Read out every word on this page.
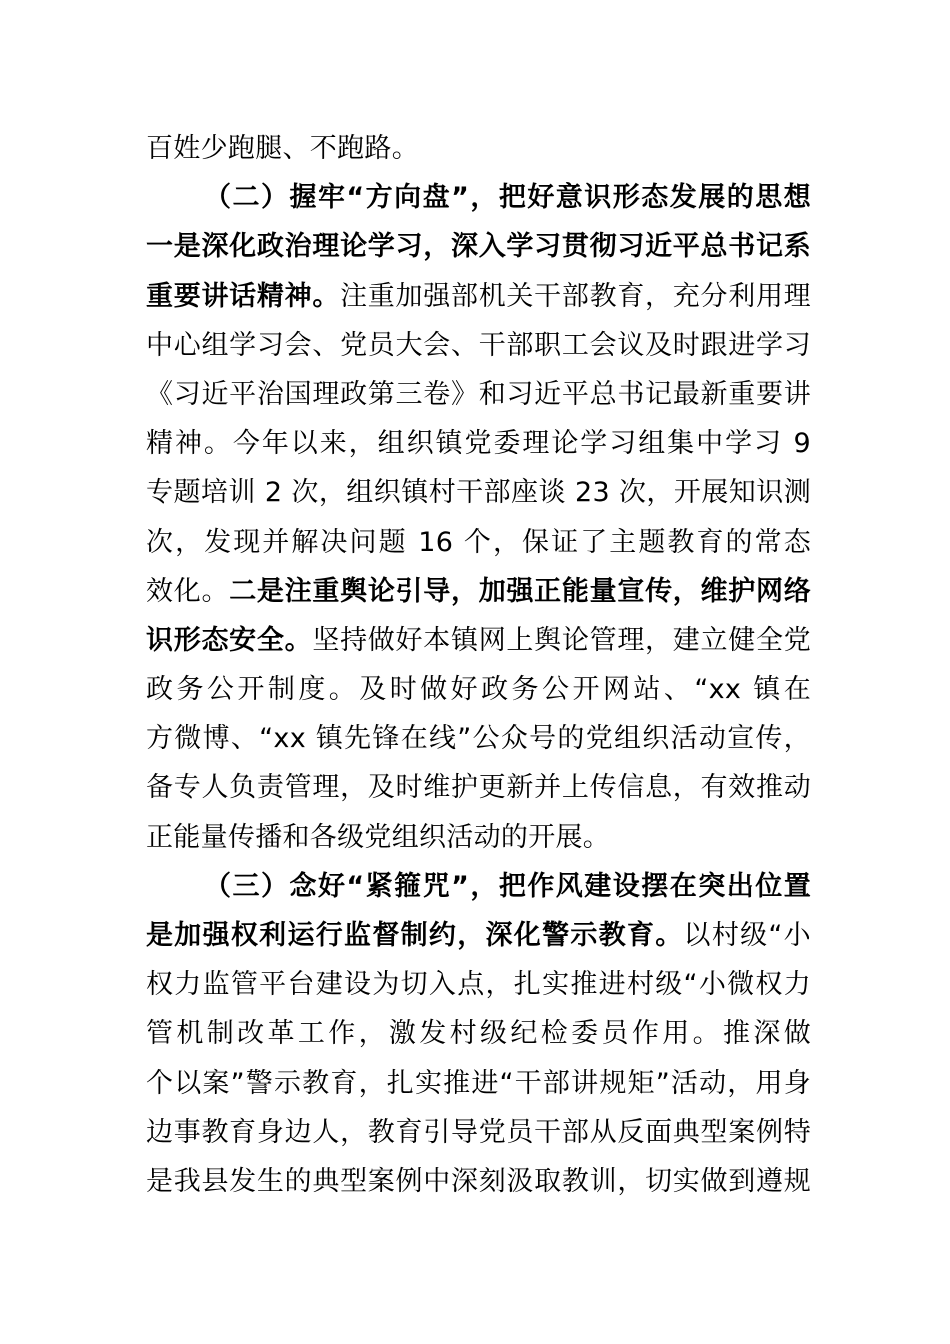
百姓少跑腿、不跑路。
（二）握牢“方向盘”，把好意识形态发展的思想
一是深化政治理论学习，深入学习贯彻习近平总书记系
重要讲话精神。注重加强部机关干部教育，充分利用理
中心组学习会、党员大会、干部职工会议及时跟进学习
《习近平治国理政第三卷》和习近平总书记最新重要讲
精神。今年以来，组织镇党委理论学习组集中学习 9
专题培训 2 次，组织镇村干部座谈 23 次，开展知识测
次，发现并解决问题 16 个，保证了主题教育的常态
效化。二是注重舆论引导，加强正能量宣传，维护网络
识形态安全。坚持做好本镇网上舆论管理，建立健全党
政务公开制度。及时做好政务公开网站、“xx 镇在
方微博、“xx 镇先锋在线”公众号的党组织活动宣传，
备专人负责管理，及时维护更新并上传信息，有效推动
正能量传播和各级党组织活动的开展。
（三）念好“紧箍咒”，把作风建设摆在突出位置
是加强权利运行监督制约，深化警示教育。以村级“小
权力监管平台建设为切入点，扎实推进村级“小微权力
管机制改革工作，激发村级纪检委员作用。推深做
个以案”警示教育，扎实推进“干部讲规矩”活动，用身
边事教育身边人，教育引导党员干部从反面典型案例特
是我县发生的典型案例中深刻汲取教训，切实做到遵规
